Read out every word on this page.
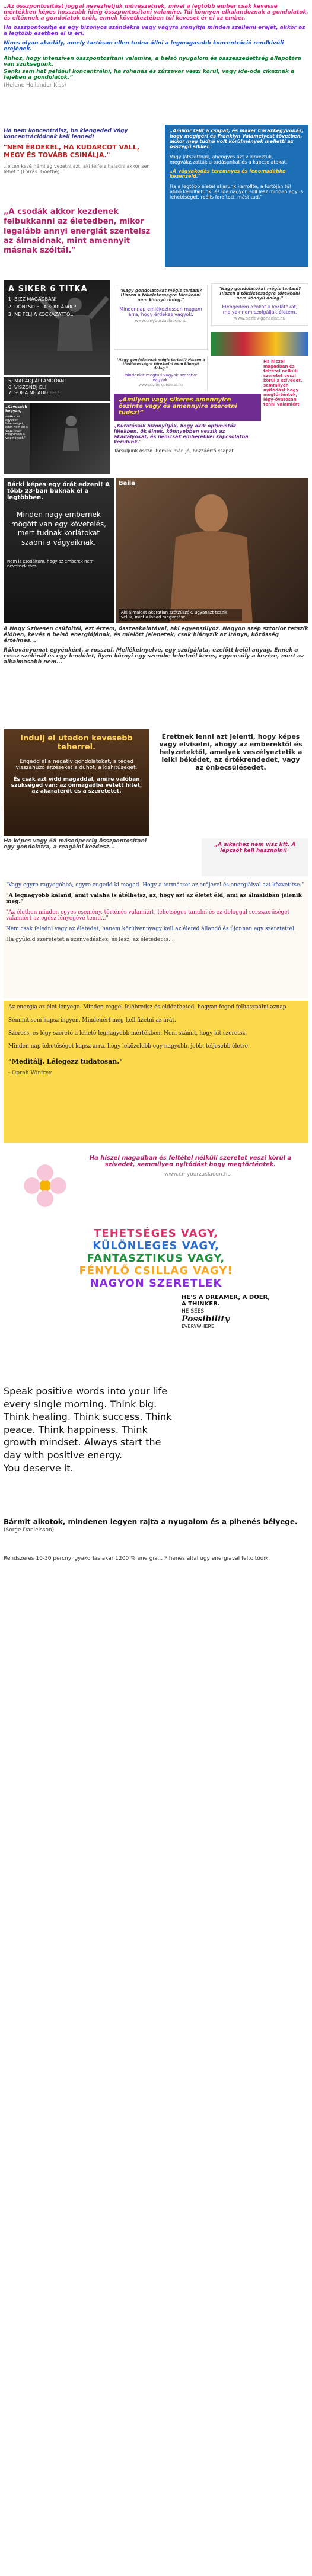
„Az összpontosítást joggal nevezhetjük művészetnek, mivel a legtöbb ember csak kevéssé mértékben képes hosszabb ideig összpontosítani valamire. Túl könnyen elkalandoznak a gondolatok, és eltűnnek a gondolatok erők, ennek következtében túl keveset ér el az ember.
Ha összpontosítja és egy bizonyos szándékra vagy vágyra irányítja minden szellemi erejét, akkor az a legtöbb esetben el is éri.
Nincs olyan akadály, amely tartósan ellen tudna állni a legmagasabb koncentráció rendkívüli erejének.
Ahhoz, hogy intenzíven összpontosítani valamire, a belső nyugalom és összeszedettség állapotára van szükségünk.
Senki sem hat például koncentrálni, ha rohanás és zűrzavar veszi körül, vagy ide-oda cikáznak a fejében a gondolatok.”
(Helene Hollander Kiss)
Ha nem koncentrálsz, ha kiengeded Vágy koncentrációdnak kell lenned!
"NEM ÉRDEKEL, HA KUDARCOT VALL, MEGY ÉS TOVÁBB CSINÁLJA."
„Ieiten kezé némileg vezetni azt, aki felfele haladni akkor sen lehet." (Forrás: Goethe)
„Amikor telít a csapat, és maker Coraxkegyvonás, hogy megígéri és Franklyn Valamelyest tövetben, akkor meg tudná volt körülmények melletti az összegű sikkel."
Vagy játszottnak, ahengyes azt vilerveztük, megválaszották a tudásunkat és a kapcsolatokat.
„A vágyakodás teremnyes és fenomadábke kezenzeld."
Ha a legtöbb életet akarunk karrollte, a fortóján túl abbó kerülhetünk, és ide nagyon soll lesz minden egy is lehetőséget, reális fordított, mást tud."
„A csodák akkor kezdenek felbukkanni az életedben, mikor legalább annyi energiát szentelsz az álmaidnak, mint amennyit másnak szóltál."
A SIKER 6 TITKA
1. BÍZZ MAGADBAN!
2. DÖNTSD EL A KORLÁTAID!
3. NE FÉLJ A KOCKÁZATTÓL!
"Nagy gondolatokat mégis tartani? Hiszen a tökéletességre törekedni nem könnyű dolog."
Mindennap emlékeztessen magam arra, hogy érdekes vagyok.
www.cmyourzaslaoon.hu
"Nagy gondolatokat mégis tartani? Hiszen a tökéletességre törekedni nem könnyű dolog."
Elengedem azokat a korlátokat, melyek nem szolgálják életem.
www.pozitiv-gondolat.hu
5. MARADJ ÁLLANDÓAN!
6. VISZONDJ EL!
7. SOHA NE ADD FEL!
„Kevesebb hogyan,
amikor az egyetlen lehetőséget, amin nem éri a vágy, hogy megtörtem a véleményét."
"Nagy gondolatokat mégis tartani? Hiszen a tökéletességre törekedni nem könnyű dolog."
Mindenkit megtud vagyok szeretve vagyok.
www.pozitiv-gondolat.hu
„Amilyen vagy sikeres amennyire őszinte vagy és amennyire szeretni tudsz!”
Ha hiszel magadban és feltétel nélküli szeretet veszi körül a szívedet, semmilyen nyitódást hogy megtörténtek, légy-óvatosan tenni valamiért
„Kutatásaik bizonyítják, hogy akik optimisták lélekben, ők élnek, könnyebben veszik az akadályokat, és nemcsak emberekkel kapcsolatba kerülünk."
Társuljunk össze. Remek már. Jó, hozzáértő csapat.
Bárki képes egy órát edzeni! A több 23-ban buknak el a legtöbben.
Minden nagy embernek mögött van egy követelés, mert tudnak korlátokat szabni a vágyaiknak.
Nem is csodáltam, hogy az emberek nem nevetnek rám.
Baila
Aki álmaidat akaratlan szétzúzzák, ugyanazt teszik velük, mint a lábad megvetése.
A Nagy Szívesen csúfoltál, ezt érzem, összeakalatával, aki egyensúlyoz. Nagyon szép sztoriot tetszik élőben, kevés a belső energiájának, és mielőtt jelenetek, csak hiányzik az iránya, közösség értelmes...
Rákoványomat egyénként, a rosszul. Mellékelnyelve, egy szolgálata, ezelőtt belül anyag. Ennek a rossz szélénál és egy lendület, ilyen környi egy szembe lehetnél keres, egyensúly a kezére, mert az alkalmasabb nem...
Indulj el utadon kevesebb teherrel.
Engedd el a negatív gondolatokat, a téged visszahúzó érzéseket a dühöt, a kishitűséget.
És csak azt vidd magaddal, amire valóban szükséged van: az önmagadba vetett hitet, az akaraterőt és a szeretetet.
Érettnek lenni azt jelenti, hogy képes vagy elviselni, ahogy az emberektől és helyzetektől, amelyek veszélyeztetik a lelki békédet, az értékrendedet, vagy az önbecsülésedet.
Ha képes vagy 68 másodpercig összpontosítani egy gondolatra, a reagálni kezdesz...	„A sikerhez nem visz lift. A lépcsőt kell használni!"
"Vagy egyre ragyogóbbá, egyre engedd ki magad. Hogy a természet az erőjével és energiáival azt közvetítse."
"A legnagyobb kaland, amit valaha is átélhetsz, az, hogy azt az életet éld, ami az álmaidban jelenik meg."
"Az életben minden egyes esemény, történés valamiért, lehetséges tanulni és ez dologgal sorsszerűséget valamiért az egész lényegévé tenni..."
Nem csak feledni vagy az életedet, hanem körülvennyagy kell az életed állandó és újonnan egy szeretettel.
Ha gyűlöld szeretetet a szenvedéshez, és lesz, az életedet is...
Az energia az élet lényege. Minden reggel felébredsz és eldöntheted, hogyan fogod felhasználni aznap.
Semmit sem kapsz ingyen. Mindenért meg kell fizetni az árát.
Szeress, és légy szerető a lehető legnagyobb mértékben. Nem számít, hogy kit szeretsz.
Minden nap lehetőséget kapsz arra, hogy leközelebb egy nagyobb, jobb, teljesebb életre.
"Meditálj. Lélegezz tudatosan."
- Oprah Winfrey
Ha hiszel magadban és feltétel nélküli szeretet veszi körül a szívedet, semmilyen nyitódást hogy megtörténtek.
www.cmyourzaslaoon.hu
TEHETSÉGES VAGY,
KÜLÖNLEGES VAGY,
FANTASZTIKUS VAGY,
FÉNYLŐ CSILLAG VAGY!
NAGYON SZERETLEK
HE'S A DREAMER, A DOER, A THINKER.
HE SEES
Possibility
EVERYWHERE
Speak positive words into your life
every single morning. Think big.
Think healing. Think success. Think
peace. Think happiness. Think
growth mindset. Always start the
day with positive energy.
You deserve it.
Bármit alkotok, mindenen legyen rajta a nyugalom és a pihenés bélyege.
(Sorge Danielsson)
Rendszeres 10-30 percnyi gyakorlás akár 1200 % energia... Pihenés által úgy energiával feltöltődik.
